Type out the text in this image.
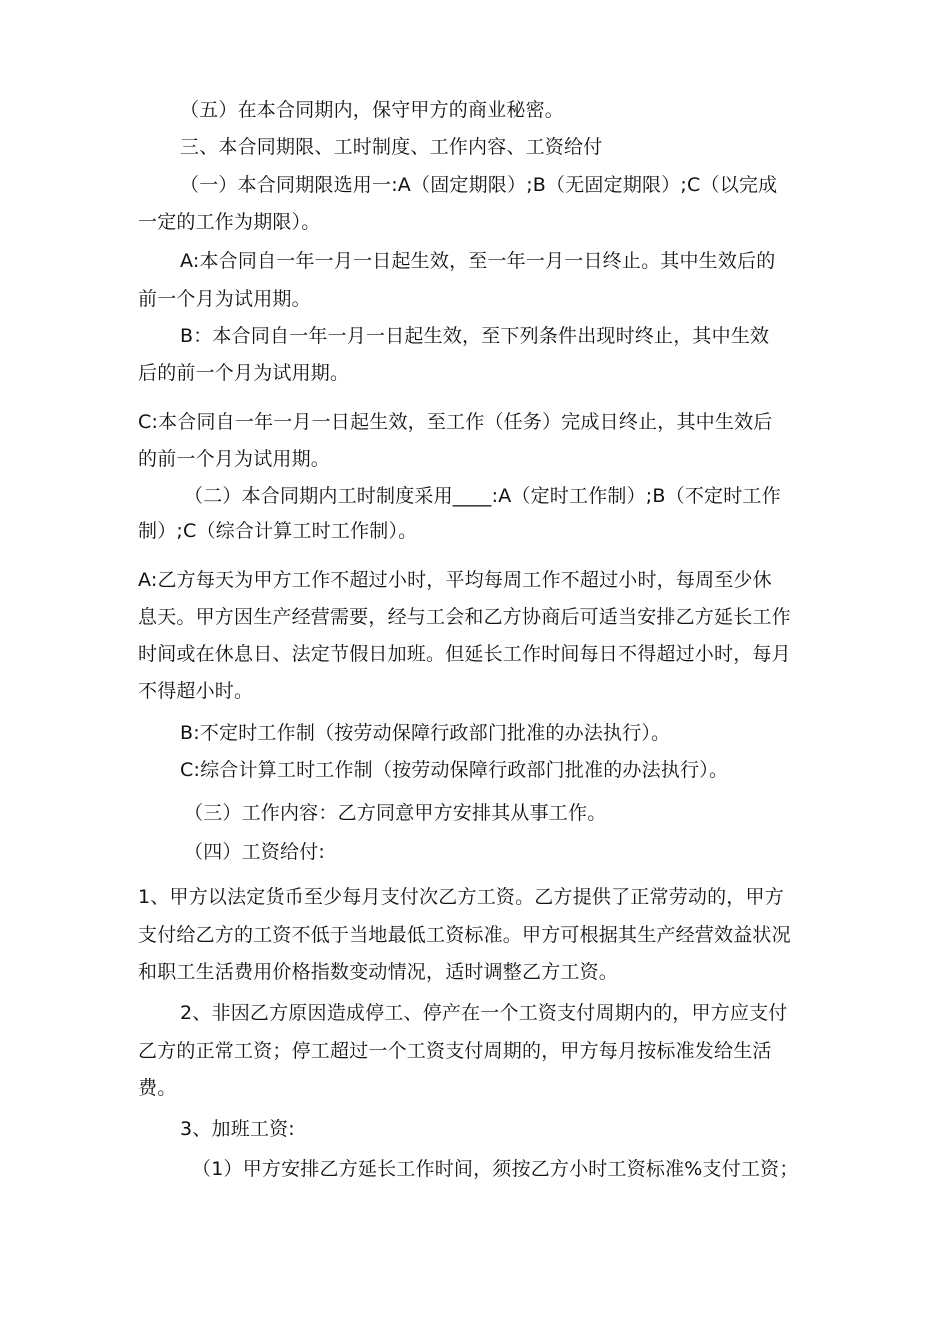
（五）在本合同期内，保守甲方的商业秘密。
三、本合同期限、工时制度、工作内容、工资给付
（一）本合同期限选用一:A（固定期限）;B（无固定期限）;C（以完成
一定的工作为期限）。
A:本合同自一年一月一日起生效，至一年一月一日终止。其中生效后的
前一个月为试用期。
B：本合同自一年一月一日起生效，至下列条件出现时终止，其中生效
后的前一个月为试用期。
C:本合同自一年一月一日起生效，至工作（任务）完成日终止，其中生效后
的前一个月为试用期。
（二）本合同期内工时制度采用____:A（定时工作制）;B（不定时工作
制）;C（综合计算工时工作制）。
A:乙方每天为甲方工作不超过小时，平均每周工作不超过小时，每周至少休
息天。甲方因生产经营需要，经与工会和乙方协商后可适当安排乙方延长工作
时间或在休息日、法定节假日加班。但延长工作时间每日不得超过小时，每月
不得超小时。
B:不定时工作制（按劳动保障行政部门批准的办法执行）。
C:综合计算工时工作制（按劳动保障行政部门批准的办法执行）。
（三）工作内容：乙方同意甲方安排其从事工作。
（四）工资给付:
1、甲方以法定货币至少每月支付次乙方工资。乙方提供了正常劳动的，甲方
支付给乙方的工资不低于当地最低工资标准。甲方可根据其生产经营效益状况
和职工生活费用价格指数变动情况，适时调整乙方工资。
2、非因乙方原因造成停工、停产在一个工资支付周期内的，甲方应支付
乙方的正常工资；停工超过一个工资支付周期的，甲方每月按标准发给生活
费。
3、加班工资:
（1）甲方安排乙方延长工作时间，须按乙方小时工资标准%支付工资；
